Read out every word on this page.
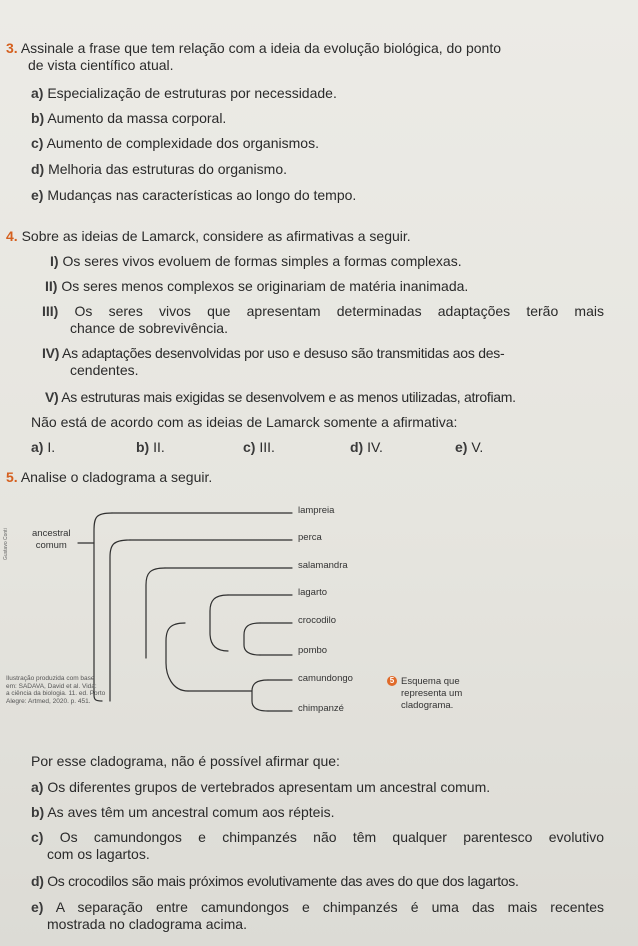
3. Assinale a frase que tem relação com a ideia da evolução biológica, do ponto
de vista científico atual.
a) Especialização de estruturas por necessidade.
b) Aumento da massa corporal.
c) Aumento de complexidade dos organismos.
d) Melhoria das estruturas do organismo.
e) Mudanças nas características ao longo do tempo.
4. Sobre as ideias de Lamarck, considere as afirmativas a seguir.
I) Os seres vivos evoluem de formas simples a formas complexas.
II) Os seres menos complexos se originariam de matéria inanimada.
III) Os seres vivos que apresentam determinadas adaptações terão mais
chance de sobrevivência.
IV) As adaptações desenvolvidas por uso e desuso são transmitidas aos des-
cendentes.
V) As estruturas mais exigidas se desenvolvem e as menos utilizadas, atrofiam.
Não está de acordo com as ideias de Lamarck somente a afirmativa:
a) I.	b) II.	c) III.	d) IV.	e) V.
5. Analise o cladograma a seguir.
ancestral
comum
lampreia
perca
salamandra
lagarto
crocodilo
pombo
camundongo
chimpanzé
5 Esquema que
representa um
cladograma.
Ilustração produzida com base
em: SADAVA, David et al. Vida:
a ciência da biologia. 11. ed. Porto
Alegre: Artmed, 2020. p. 451.
Gustavo Conti
Por esse cladograma, não é possível afirmar que:
a) Os diferentes grupos de vertebrados apresentam um ancestral comum.
b) As aves têm um ancestral comum aos répteis.
c) Os camundongos e chimpanzés não têm qualquer parentesco evolutivo
com os lagartos.
d) Os crocodilos são mais próximos evolutivamente das aves do que dos lagartos.
e) A separação entre camundongos e chimpanzés é uma das mais recentes
mostrada no cladograma acima.
